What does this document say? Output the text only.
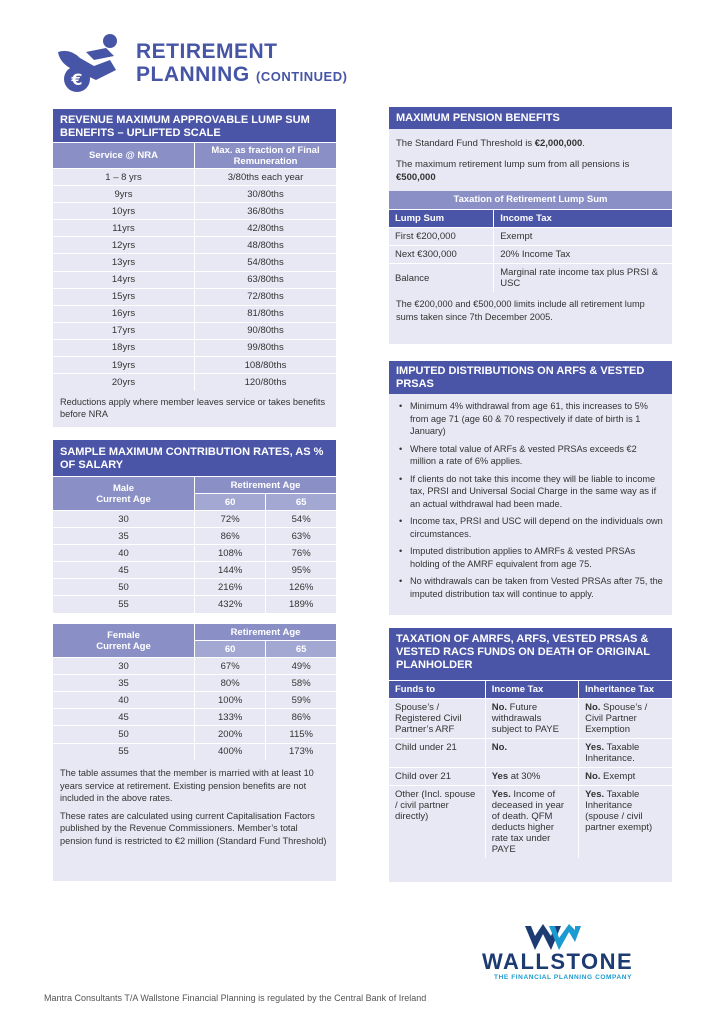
€
RETIREMENT
PLANNING (CONTINUED)
REVENUE MAXIMUM APPROVABLE LUMP SUM BENEFITS – UPLIFTED SCALE
Service @ NRA	Max. as fraction of Final Remuneration
1 – 8 yrs	3/80ths each year
9yrs	30/80ths
10yrs	36/80ths
11yrs	42/80ths
12yrs	48/80ths
13yrs	54/80ths
14yrs	63/80ths
15yrs	72/80ths
16yrs	81/80ths
17yrs	90/80ths
18yrs	99/80ths
19yrs	108/80ths
20yrs	120/80ths
Reductions apply where member leaves service or takes benefits before NRA
SAMPLE MAXIMUM CONTRIBUTION RATES, AS % OF SALARY
Male
Current Age	Retirement Age	
	60	65
30	72%	54%
35	86%	63%
40	108%	76%
45	144%	95%
50	216%	126%
55	432%	189%
Female
Current Age	Retirement Age	
	60	65
30	67%	49%
35	80%	58%
40	100%	59%
45	133%	86%
50	200%	115%
55	400%	173%
The table assumes that the member is married with at least 10 years service at retirement. Existing pension benefits are not included in the above rates.
These rates are calculated using current Capitalisation Factors published by the Revenue Commissioners. Member’s total pension fund is restricted to €2 million (Standard Fund Threshold)
MAXIMUM PENSION BENEFITS
The Standard Fund Threshold is €2,000,000.
The maximum retirement lump sum from all pensions is €500,000
Taxation of Retirement Lump Sum
Lump Sum	Income Tax
First €200,000	Exempt
Next €300,000	20% Income Tax
Balance	Marginal rate income tax plus PRSI & USC
The €200,000 and €500,000 limits include all retirement lump sums taken since 7th December 2005.
IMPUTED DISTRIBUTIONS ON ARFS & VESTED PRSAS
• Minimum 4% withdrawal from age 61, this increases to 5% from age 71 (age 60 & 70 respectively if date of birth is 1 January)
• Where total value of ARFs & vested PRSAs exceeds €2 million a rate of 6% applies.
• If clients do not take this income they will be liable to income tax, PRSI and Universal Social Charge in the same way as if an actual withdrawal had been made.
• Income tax, PRSI and USC will depend on the individuals own circumstances.
• Imputed distribution applies to AMRFs & vested PRSAs holding of the AMRF equivalent from age 75.
• No withdrawals can be taken from Vested PRSAs after 75, the imputed distribution tax will continue to apply.
TAXATION OF AMRFS, ARFS, VESTED PRSAS & VESTED RACS FUNDS ON DEATH OF ORIGINAL PLANHOLDER
Funds to	Income Tax	Inheritance Tax
Spouse’s / Registered Civil Partner’s ARF	No. Future withdrawals subject to PAYE	No. Spouse’s / Civil Partner Exemption
Child under 21	No.	Yes. Taxable Inheritance.
Child over 21	Yes at 30%	No. Exempt
Other (Incl. spouse / civil partner directly)	Yes. Income of deceased in year of death. QFM deducts higher rate tax under PAYE	Yes. Taxable Inheritance (spouse / civil partner exempt)
WALLSTONE
THE FINANCIAL PLANNING COMPANY
Mantra Consultants T/A Wallstone Financial Planning is regulated by the Central Bank of Ireland
